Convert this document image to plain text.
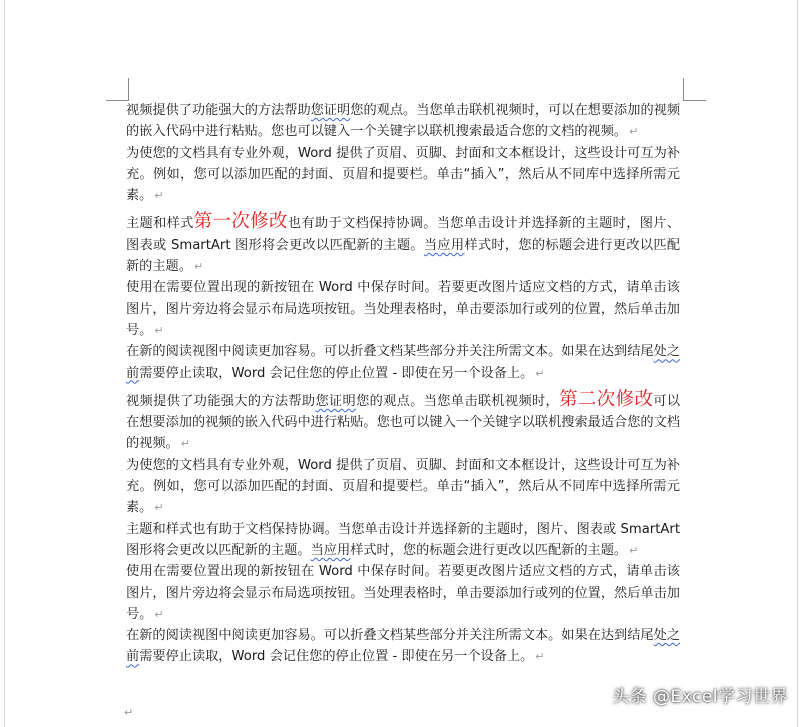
视频提供了功能强大的方法帮助您证明您的观点。当您单击联机视频时，可以在想要添加的视频的嵌入代码中进行粘贴。您也可以键入一个关键字以联机搜索最适合您的文档的视频。 ↵

为使您的文档具有专业外观，Word 提供了页眉、页脚、封面和文本框设计，这些设计可互为补充。例如，您可以添加匹配的封面、页眉和提要栏。单击“插入”，然后从不同库中选择所需元素。 ↵

主题和样式第一次修改也有助于文档保持协调。当您单击设计并选择新的主题时，图片、图表或 SmartArt 图形将会更改以匹配新的主题。当应用样式时，您的标题会进行更改以匹配新的主题。 ↵

使用在需要位置出现的新按钮在 Word 中保存时间。若要更改图片适应文档的方式，请单击该图片，图片旁边将会显示布局选项按钮。当处理表格时，单击要添加行或列的位置，然后单击加号。 ↵

在新的阅读视图中阅读更加容易。可以折叠文档某些部分并关注所需文本。如果在达到结尾处之前需要停止读取，Word 会记住您的停止位置 - 即使在另一个设备上。 ↵

视频提供了功能强大的方法帮助您证明您的观点。当您单击联机视频时，第二次修改可以在想要添加的视频的嵌入代码中进行粘贴。您也可以键入一个关键字以联机搜索最适合您的文档的视频。 ↵

为使您的文档具有专业外观，Word 提供了页眉、页脚、封面和文本框设计，这些设计可互为补充。例如，您可以添加匹配的封面、页眉和提要栏。单击“插入”，然后从不同库中选择所需元素。 ↵

主题和样式也有助于文档保持协调。当您单击设计并选择新的主题时，图片、图表或 SmartArt 图形将会更改以匹配新的主题。当应用样式时，您的标题会进行更改以匹配新的主题。 ↵

使用在需要位置出现的新按钮在 Word 中保存时间。若要更改图片适应文档的方式，请单击该图片，图片旁边将会显示布局选项按钮。当处理表格时，单击要添加行或列的位置，然后单击加号。 ↵

在新的阅读视图中阅读更加容易。可以折叠文档某些部分并关注所需文本。如果在达到结尾处之前需要停止读取，Word 会记住您的停止位置 - 即使在另一个设备上。 ↵

↵
头条 @Excel学习世界
